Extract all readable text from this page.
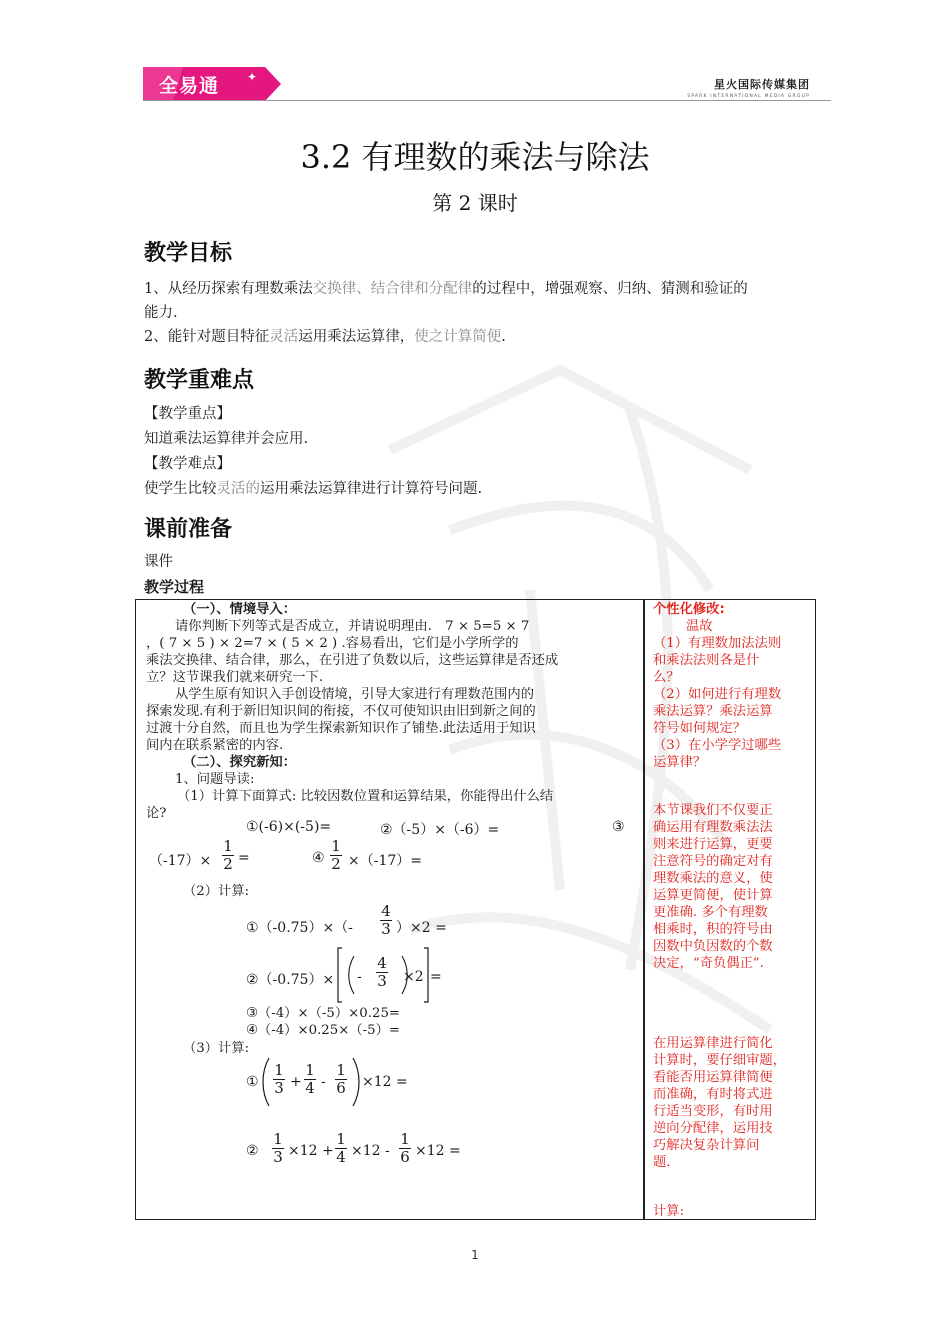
全易通 ✦
星火国际传媒集团
SPARK INTERNATIONAL MEDIA GROUP
3.2 有理数的乘法与除法
第 2 课时
教学目标
1、从经历探索有理数乘法交换律、结合律和分配律的过程中，增强观察、归纳、猜测和验证的
能力.
2、能针对题目特征灵活运用乘法运算律，使之计算简便.
教学重难点
【教学重点】
知道乘法运算律并会应用.
【教学难点】
使学生比较灵活的运用乘法运算律进行计算符号问题.
课前准备
课件
教学过程
（一）、情境导入：
请你判断下列等式是否成立，并请说明理由.　7 × 5=5 × 7
，( 7 × 5 ) × 2=7 × ( 5 × 2 ) .容易看出，它们是小学所学的
乘法交换律、结合律，那么，在引进了负数以后，这些运算律是否还成
立？这节课我们就来研究一下.
从学生原有知识入手创设情境，引导大家进行有理数范围内的
探索发现.有利于新旧知识间的衔接，不仅可使知识由旧到新之间的
过渡十分自然，而且也为学生探索新知识作了铺垫.此法适用于知识
间内在联系紧密的内容.
（二）、探究新知：
1、问题导读:
（1）计算下面算式: 比较因数位置和运算结果，你能得出什么结
论?
①(-6)×(-5)=	②（-5）×（-6）=	③
（-17）×
1
2 =	④
1
2 ×（-17）=
（2）计算:
①（-0.75）×（-
4
3 ）×2 =
②（-0.75）× -
4
3 ×2 =
③（-4）×（-5）×0.25=
④（-4）×0.25×（-5）=
（3）计算:
①
1
3 +
1
4 -
1
6 ×12 =
②
1
3 ×12 +
1
4 ×12 -
1
6 ×12 =
个性化修改:
温故
（1）有理数加法法则
和乘法法则各是什
么？
（2）如何进行有理数
乘法运算？乘法运算
符号如何规定？
（3）在小学学过哪些
运算律？
本节课我们不仅要正
确运用有理数乘法法
则来进行运算，更要
注意符号的确定对有
理数乘法的意义，使
运算更简便，使计算
更准确. 多个有理数
相乘时，积的符号由
因数中负因数的个数
决定，“奇负偶正”.
在用运算律进行简化
计算时，要仔细审题，
看能否用运算律简便
而准确，有时将式进
行适当变形，有时用
逆向分配律，运用技
巧解决复杂计算问
题.
计算:
1
